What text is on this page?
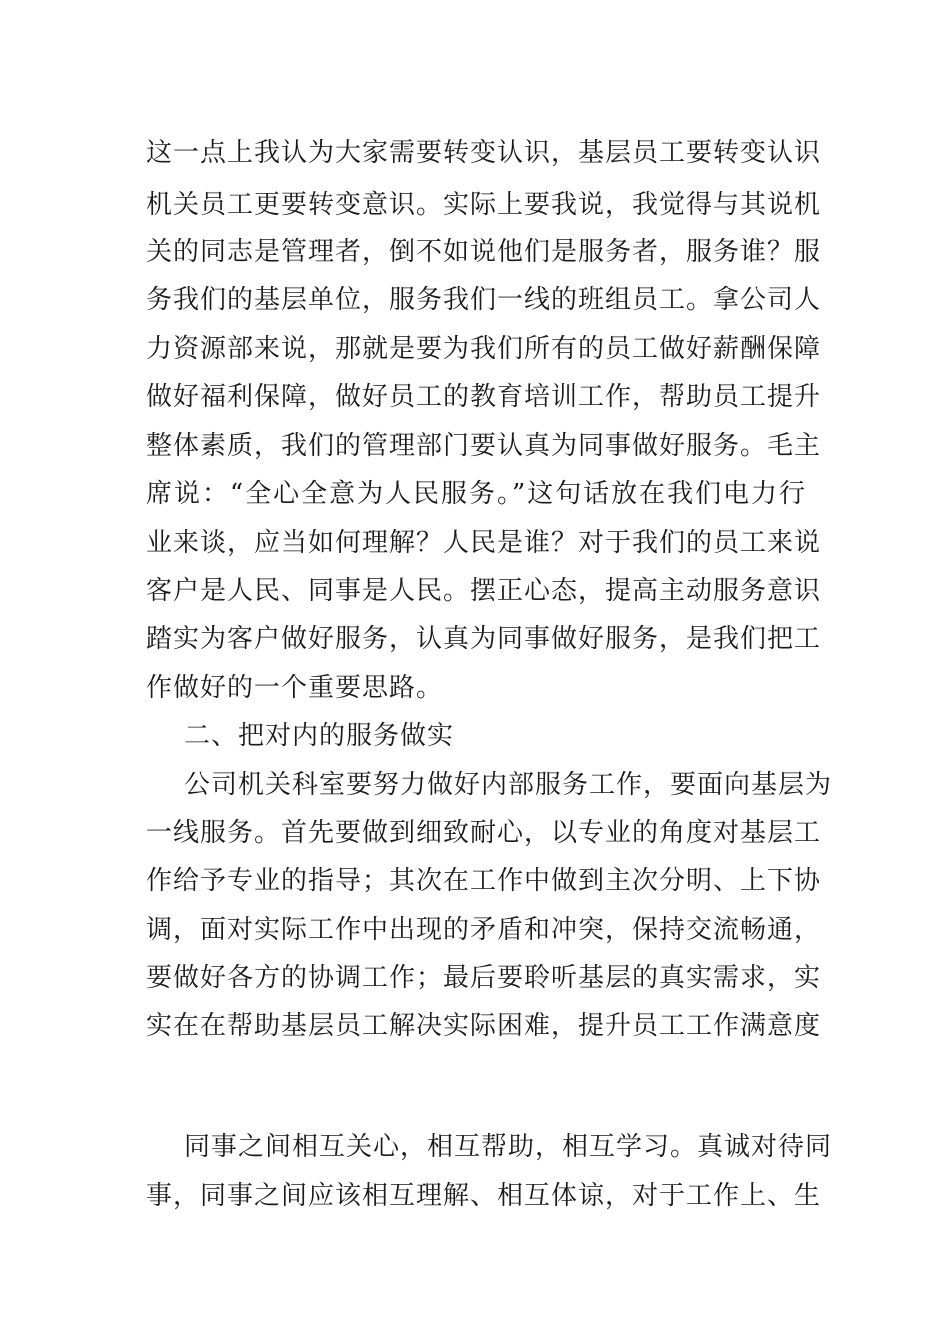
这一点上我认为大家需要转变认识，基层员工要转变认识
机关员工更要转变意识。实际上要我说，我觉得与其说机
关的同志是管理者，倒不如说他们是服务者，服务谁？服
务我们的基层单位，服务我们一线的班组员工。拿公司人
力资源部来说，那就是要为我们所有的员工做好薪酬保障
做好福利保障，做好员工的教育培训工作，帮助员工提升
整体素质，我们的管理部门要认真为同事做好服务。毛主
席说：“全心全意为人民服务。”这句话放在我们电力行
业来谈，应当如何理解？人民是谁？对于我们的员工来说
客户是人民、同事是人民。摆正心态，提高主动服务意识
踏实为客户做好服务，认真为同事做好服务，是我们把工
作做好的一个重要思路。
二、把对内的服务做实
公司机关科室要努力做好内部服务工作，要面向基层为
一线服务。首先要做到细致耐心，以专业的角度对基层工
作给予专业的指导；其次在工作中做到主次分明、上下协
调，面对实际工作中出现的矛盾和冲突，保持交流畅通，
要做好各方的协调工作；最后要聆听基层的真实需求，实
实在在帮助基层员工解决实际困难，提升员工工作满意度
同事之间相互关心，相互帮助，相互学习。真诚对待同
事，同事之间应该相互理解、相互体谅，对于工作上、生
